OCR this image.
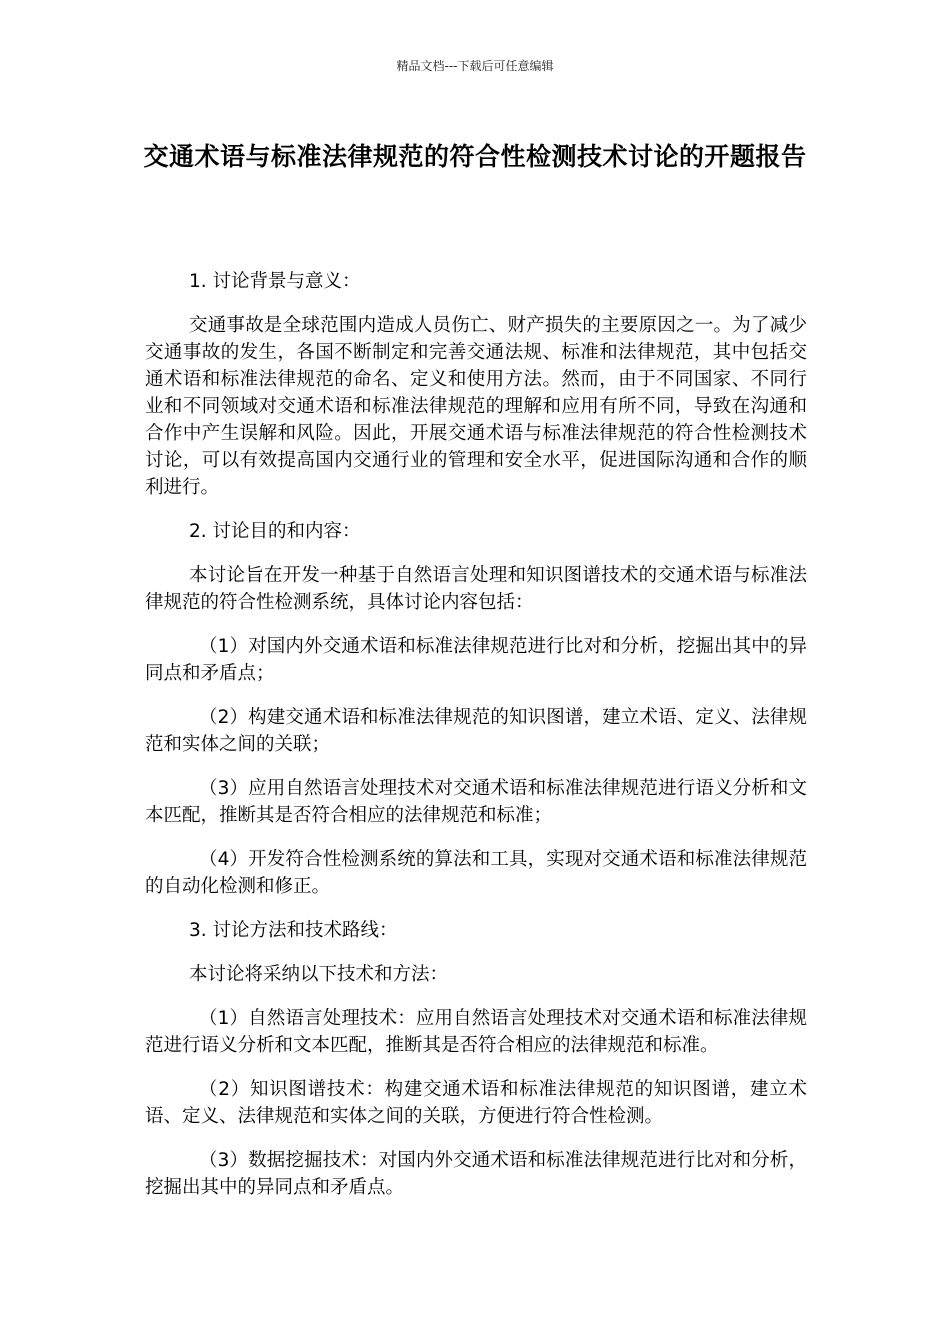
精品文档---下载后可任意编辑
交通术语与标准法律规范的符合性检测技术讨论的开题报告

1. 讨论背景与意义：

交通事故是全球范围内造成人员伤亡、财产损失的主要原因之一。为了减少交通事故的发生，各国不断制定和完善交通法规、标准和法律规范，其中包括交通术语和标准法律规范的命名、定义和使用方法。然而，由于不同国家、不同行业和不同领域对交通术语和标准法律规范的理解和应用有所不同，导致在沟通和合作中产生误解和风险。因此，开展交通术语与标准法律规范的符合性检测技术讨论，可以有效提高国内交通行业的管理和安全水平，促进国际沟通和合作的顺利进行。

2. 讨论目的和内容：

本讨论旨在开发一种基于自然语言处理和知识图谱技术的交通术语与标准法律规范的符合性检测系统，具体讨论内容包括：

（1）对国内外交通术语和标准法律规范进行比对和分析，挖掘出其中的异同点和矛盾点；

（2）构建交通术语和标准法律规范的知识图谱，建立术语、定义、法律规范和实体之间的关联；

（3）应用自然语言处理技术对交通术语和标准法律规范进行语义分析和文本匹配，推断其是否符合相应的法律规范和标准；

（4）开发符合性检测系统的算法和工具，实现对交通术语和标准法律规范的自动化检测和修正。

3. 讨论方法和技术路线：

本讨论将采纳以下技术和方法：

（1）自然语言处理技术：应用自然语言处理技术对交通术语和标准法律规范进行语义分析和文本匹配，推断其是否符合相应的法律规范和标准。

（2）知识图谱技术：构建交通术语和标准法律规范的知识图谱，建立术语、定义、法律规范和实体之间的关联，方便进行符合性检测。

（3）数据挖掘技术：对国内外交通术语和标准法律规范进行比对和分析，挖掘出其中的异同点和矛盾点。
